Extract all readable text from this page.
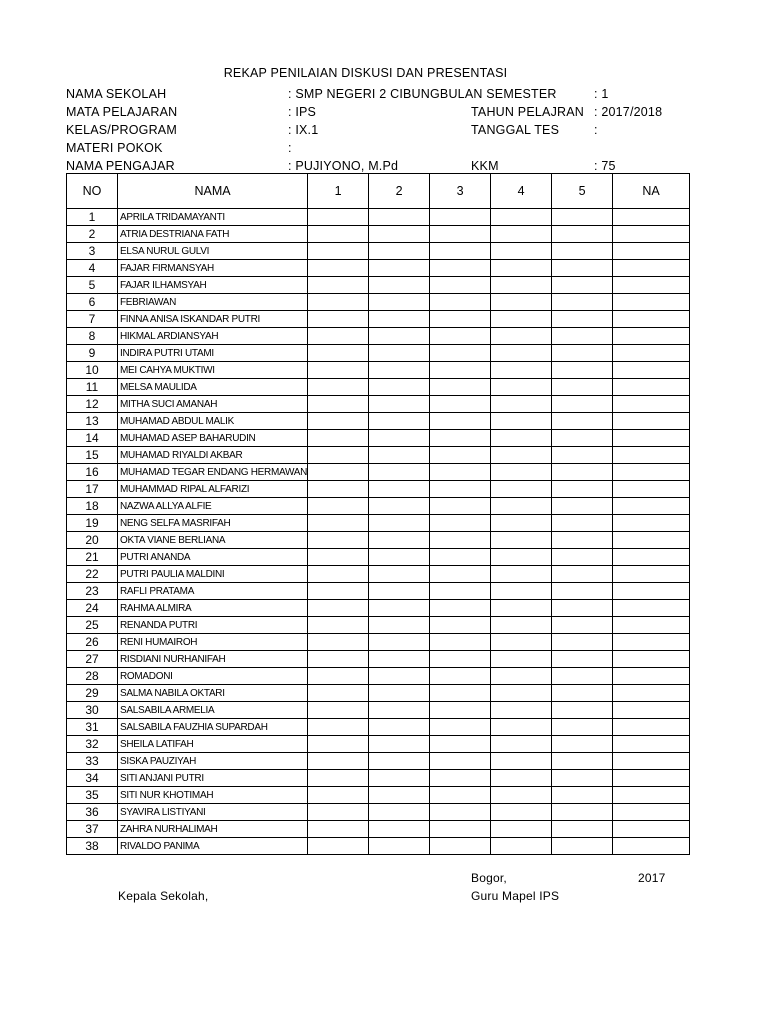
REKAP PENILAIAN DISKUSI DAN PRESENTASI
NAMA SEKOLAH	: SMP NEGERI 2 CIBUNGBULAN SEMESTER	: 1
MATA PELAJARAN	: IPS	TAHUN PELAJRAN : 2017/2018
KELAS/PROGRAM	: IX.1	TANGGAL TES	:
MATERI POKOK	:
NAMA PENGAJAR	: PUJIYONO, M.Pd	KKM	: 75
NO	NAMA	1	2	3	4	5	NA
1	APRILA TRIDAMAYANTI						
2	ATRIA DESTRIANA FATH						
3	ELSA NURUL GULVI						
4	FAJAR FIRMANSYAH						
5	FAJAR ILHAMSYAH						
6	FEBRIAWAN						
7	FINNA ANISA ISKANDAR PUTRI						
8	HIKMAL ARDIANSYAH						
9	INDIRA PUTRI UTAMI						
10	MEI CAHYA MUKTIWI						
11	MELSA MAULIDA						
12	MITHA SUCI AMANAH						
13	MUHAMAD ABDUL MALIK						
14	MUHAMAD ASEP BAHARUDIN						
15	MUHAMAD RIYALDI AKBAR						
16	MUHAMAD TEGAR ENDANG HERMAWAN						
17	MUHAMMAD RIPAL ALFARIZI						
18	NAZWA ALLYA ALFIE						
19	NENG SELFA MASRIFAH						
20	OKTA VIANE BERLIANA						
21	PUTRI ANANDA						
22	PUTRI PAULIA MALDINI						
23	RAFLI PRATAMA						
24	RAHMA ALMIRA						
25	RENANDA PUTRI						
26	RENI HUMAIROH						
27	RISDIANI NURHANIFAH						
28	ROMADONI						
29	SALMA NABILA OKTARI						
30	SALSABILA ARMELIA						
31	SALSABILA FAUZHIA SUPARDAH						
32	SHEILA LATIFAH						
33	SISKA PAUZIYAH						
34	SITI ANJANI PUTRI						
35	SITI NUR KHOTIMAH						
36	SYAVIRA LISTIYANI						
37	ZAHRA NURHALIMAH						
38	RIVALDO PANIMA						
Bogor,	2017
Kepala Sekolah,	Guru Mapel IPS
